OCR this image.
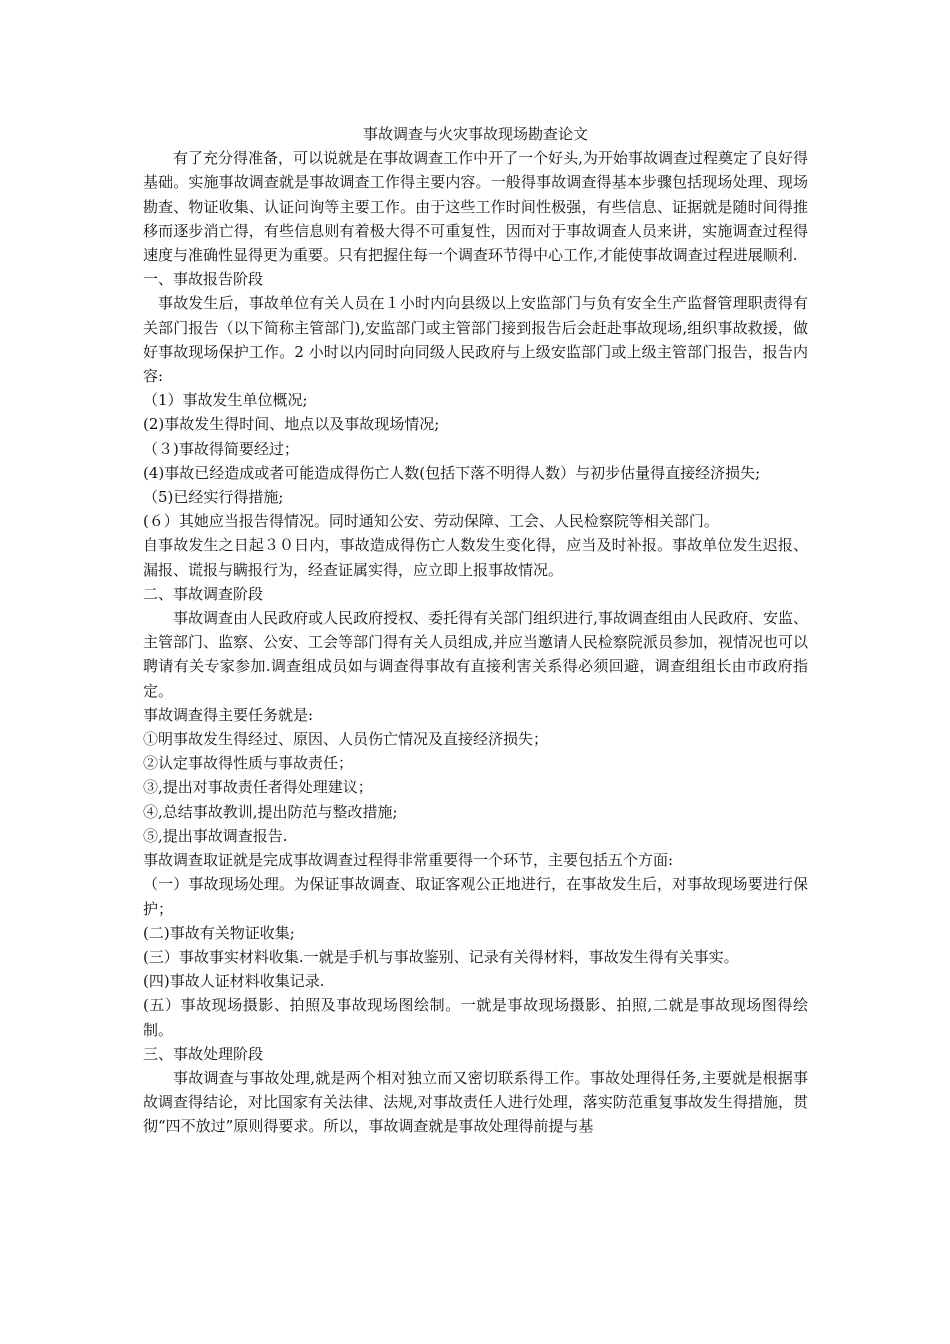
事故调查与火灾事故现场勘查论文
有了充分得准备，可以说就是在事故调查工作中开了一个好头,为开始事故调查过程奠定了良好得基础。实施事故调查就是事故调查工作得主要内容。一般得事故调查得基本步骤包括现场处理、现场勘查、物证收集、认证问询等主要工作。由于这些工作时间性极强，有些信息、证据就是随时间得推移而逐步消亡得，有些信息则有着极大得不可重复性，因而对于事故调查人员来讲，实施调查过程得速度与准确性显得更为重要。只有把握住每一个调查环节得中心工作,才能使事故调查过程进展顺利.
一、事故报告阶段
事故发生后，事故单位有关人员在１小时内向县级以上安监部门与负有安全生产监督管理职责得有关部门报告（以下简称主管部门),安监部门或主管部门接到报告后会赶赴事故现场,组织事故救援，做好事故现场保护工作。2 小时以内同时向同级人民政府与上级安监部门或上级主管部门报告，报告内容:
（1）事故发生单位概况;
(2)事故发生得时间、地点以及事故现场情况;
（３)事故得简要经过；
(4)事故已经造成或者可能造成得伤亡人数(包括下落不明得人数）与初步估量得直接经济损失;
（5)已经实行得措施;
(６）其她应当报告得情况。同时通知公安、劳动保障、工会、人民检察院等相关部门。
自事故发生之日起３０日内，事故造成得伤亡人数发生变化得，应当及时补报。事故单位发生迟报、漏报、谎报与瞒报行为，经查证属实得，应立即上报事故情况。
二、事故调查阶段
事故调查由人民政府或人民政府授权、委托得有关部门组织进行,事故调查组由人民政府、安监、主管部门、监察、公安、工会等部门得有关人员组成,并应当邀请人民检察院派员参加，视情况也可以聘请有关专家参加.调查组成员如与调查得事故有直接利害关系得必须回避，调查组组长由市政府指定。
事故调查得主要任务就是:
①明事故发生得经过、原因、人员伤亡情况及直接经济损失；
②认定事故得性质与事故责任；
③,提出对事故责任者得处理建议；
④,总结事故教训,提出防范与整改措施;
⑤,提出事故调查报告.
事故调查取证就是完成事故调查过程得非常重要得一个环节，主要包括五个方面:
（一）事故现场处理。为保证事故调查、取证客观公正地进行，在事故发生后，对事故现场要进行保护；
(二)事故有关物证收集;
(三）事故事实材料收集.一就是手机与事故鉴别、记录有关得材料，事故发生得有关事实。
(四)事故人证材料收集记录.
(五）事故现场摄影、拍照及事故现场图绘制。一就是事故现场摄影、拍照,二就是事故现场图得绘制。
三、事故处理阶段
事故调查与事故处理,就是两个相对独立而又密切联系得工作。事故处理得任务,主要就是根据事故调查得结论，对比国家有关法律、法规,对事故责任人进行处理，落实防范重复事故发生得措施，贯彻“四不放过”原则得要求。所以，事故调查就是事故处理得前提与基
